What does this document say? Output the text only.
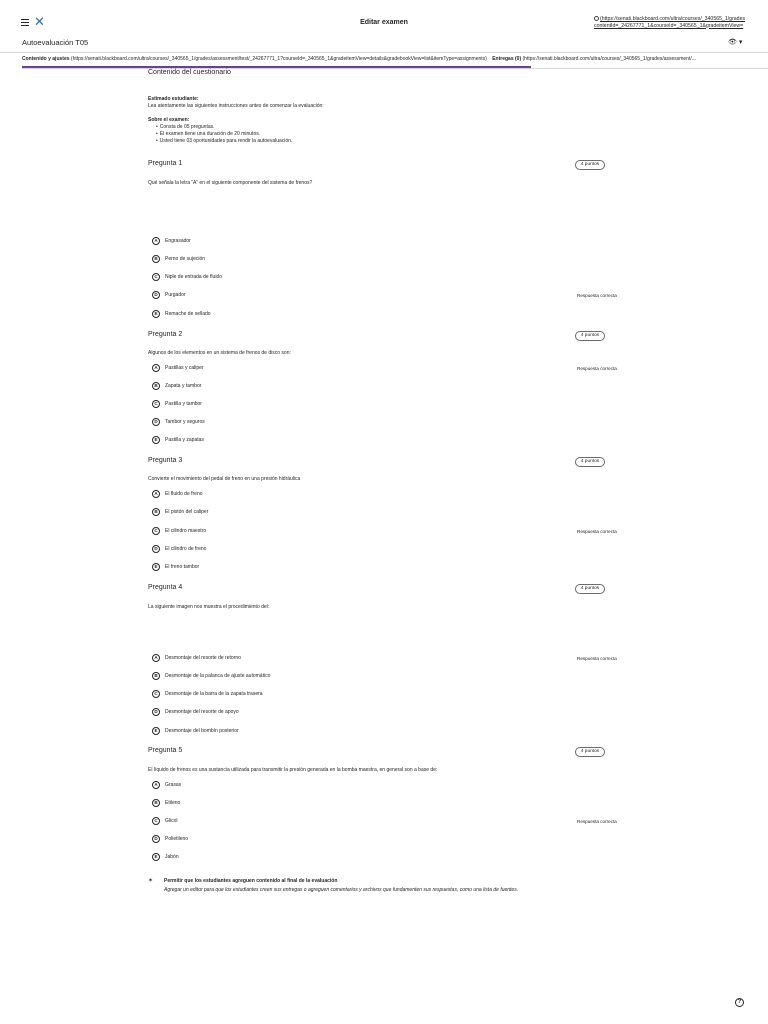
✕	Editar examen	(https://senati.blackboard.com/ultra/courses/_340565_1/grades
contentId=_24267771_1&courseId=_340565_1&gradeitemView=
Autoevaluación T05	👁 ▾
Contenido y ajustes (https://senati.blackboard.com/ultra/courses/_340565_1/grades/assessment/test/_24267771_1?courseId=_340565_1&gradeitemView=details&gradebookView=list&itemType=assignments) Entregas (0) (https://senati.blackboard.com/ultra/courses/_340565_1/grades/assessment/...
Contenido del cuestionario
Estimado estudiante:
Lea atentamente las siguientes instrucciones antes de comenzar la evaluación:
Sobre el examen:
• Consta de 05 preguntas.
• El examen tiene una duración de 20 minutos.
• Usted tiene 03 oportunidades para rendir la autoevaluación.
Pregunta 1	4 puntos
Qué señala la letra “A” en el siguiente componente del sistema de frenos?
A	Engrasador
B	Perno de sujeción
C	Niple de entrada de fluido
D	Purgador	Respuesta correcta
E	Remache de sellado
Pregunta 2	4 puntos
Algunos de los elementos en un sistema de frenos de disco son:
A	Pastillas y caliper	Respuesta correcta
B	Zapata y tambor
C	Pastilla y tambor
D	Tambor y seguros
E	Pastilla y zapatas
Pregunta 3	4 puntos
Convierte el movimiento del pedal de freno en una presión hidráulica
A	El fluido de freno
B	El pistón del caliper
C	El cilindro maestro	Respuesta correcta
D	El cilindro de freno
E	El freno tambor
Pregunta 4	4 puntos
La siguiente imagen nos muestra el procedimiento del:
A	Desmontaje del resorte de retorno	Respuesta correcta
B	Desmontaje de la palanca de ajuste automático
C	Desmontaje de la barra de la zapata trasera
D	Desmontaje del resorte de apoyo
E	Desmontaje del bombín posterior
Pregunta 5	4 puntos
El líquido de frenos es una sustancia utilizada para transmitir la presión generada en la bomba maestra, en general son a base de:
A	Grasas
B	Etileno
C	Glicol	Respuesta correcta
D	Polietileno
E	Jabón
✶ Permitir que los estudiantes agreguen contenido al final de la evaluación
Agregar un editor para que los estudiantes creen sus entregas o agreguen comentarios y archivos que fundamenten sus respuestas, como una lista de fuentes.
?
